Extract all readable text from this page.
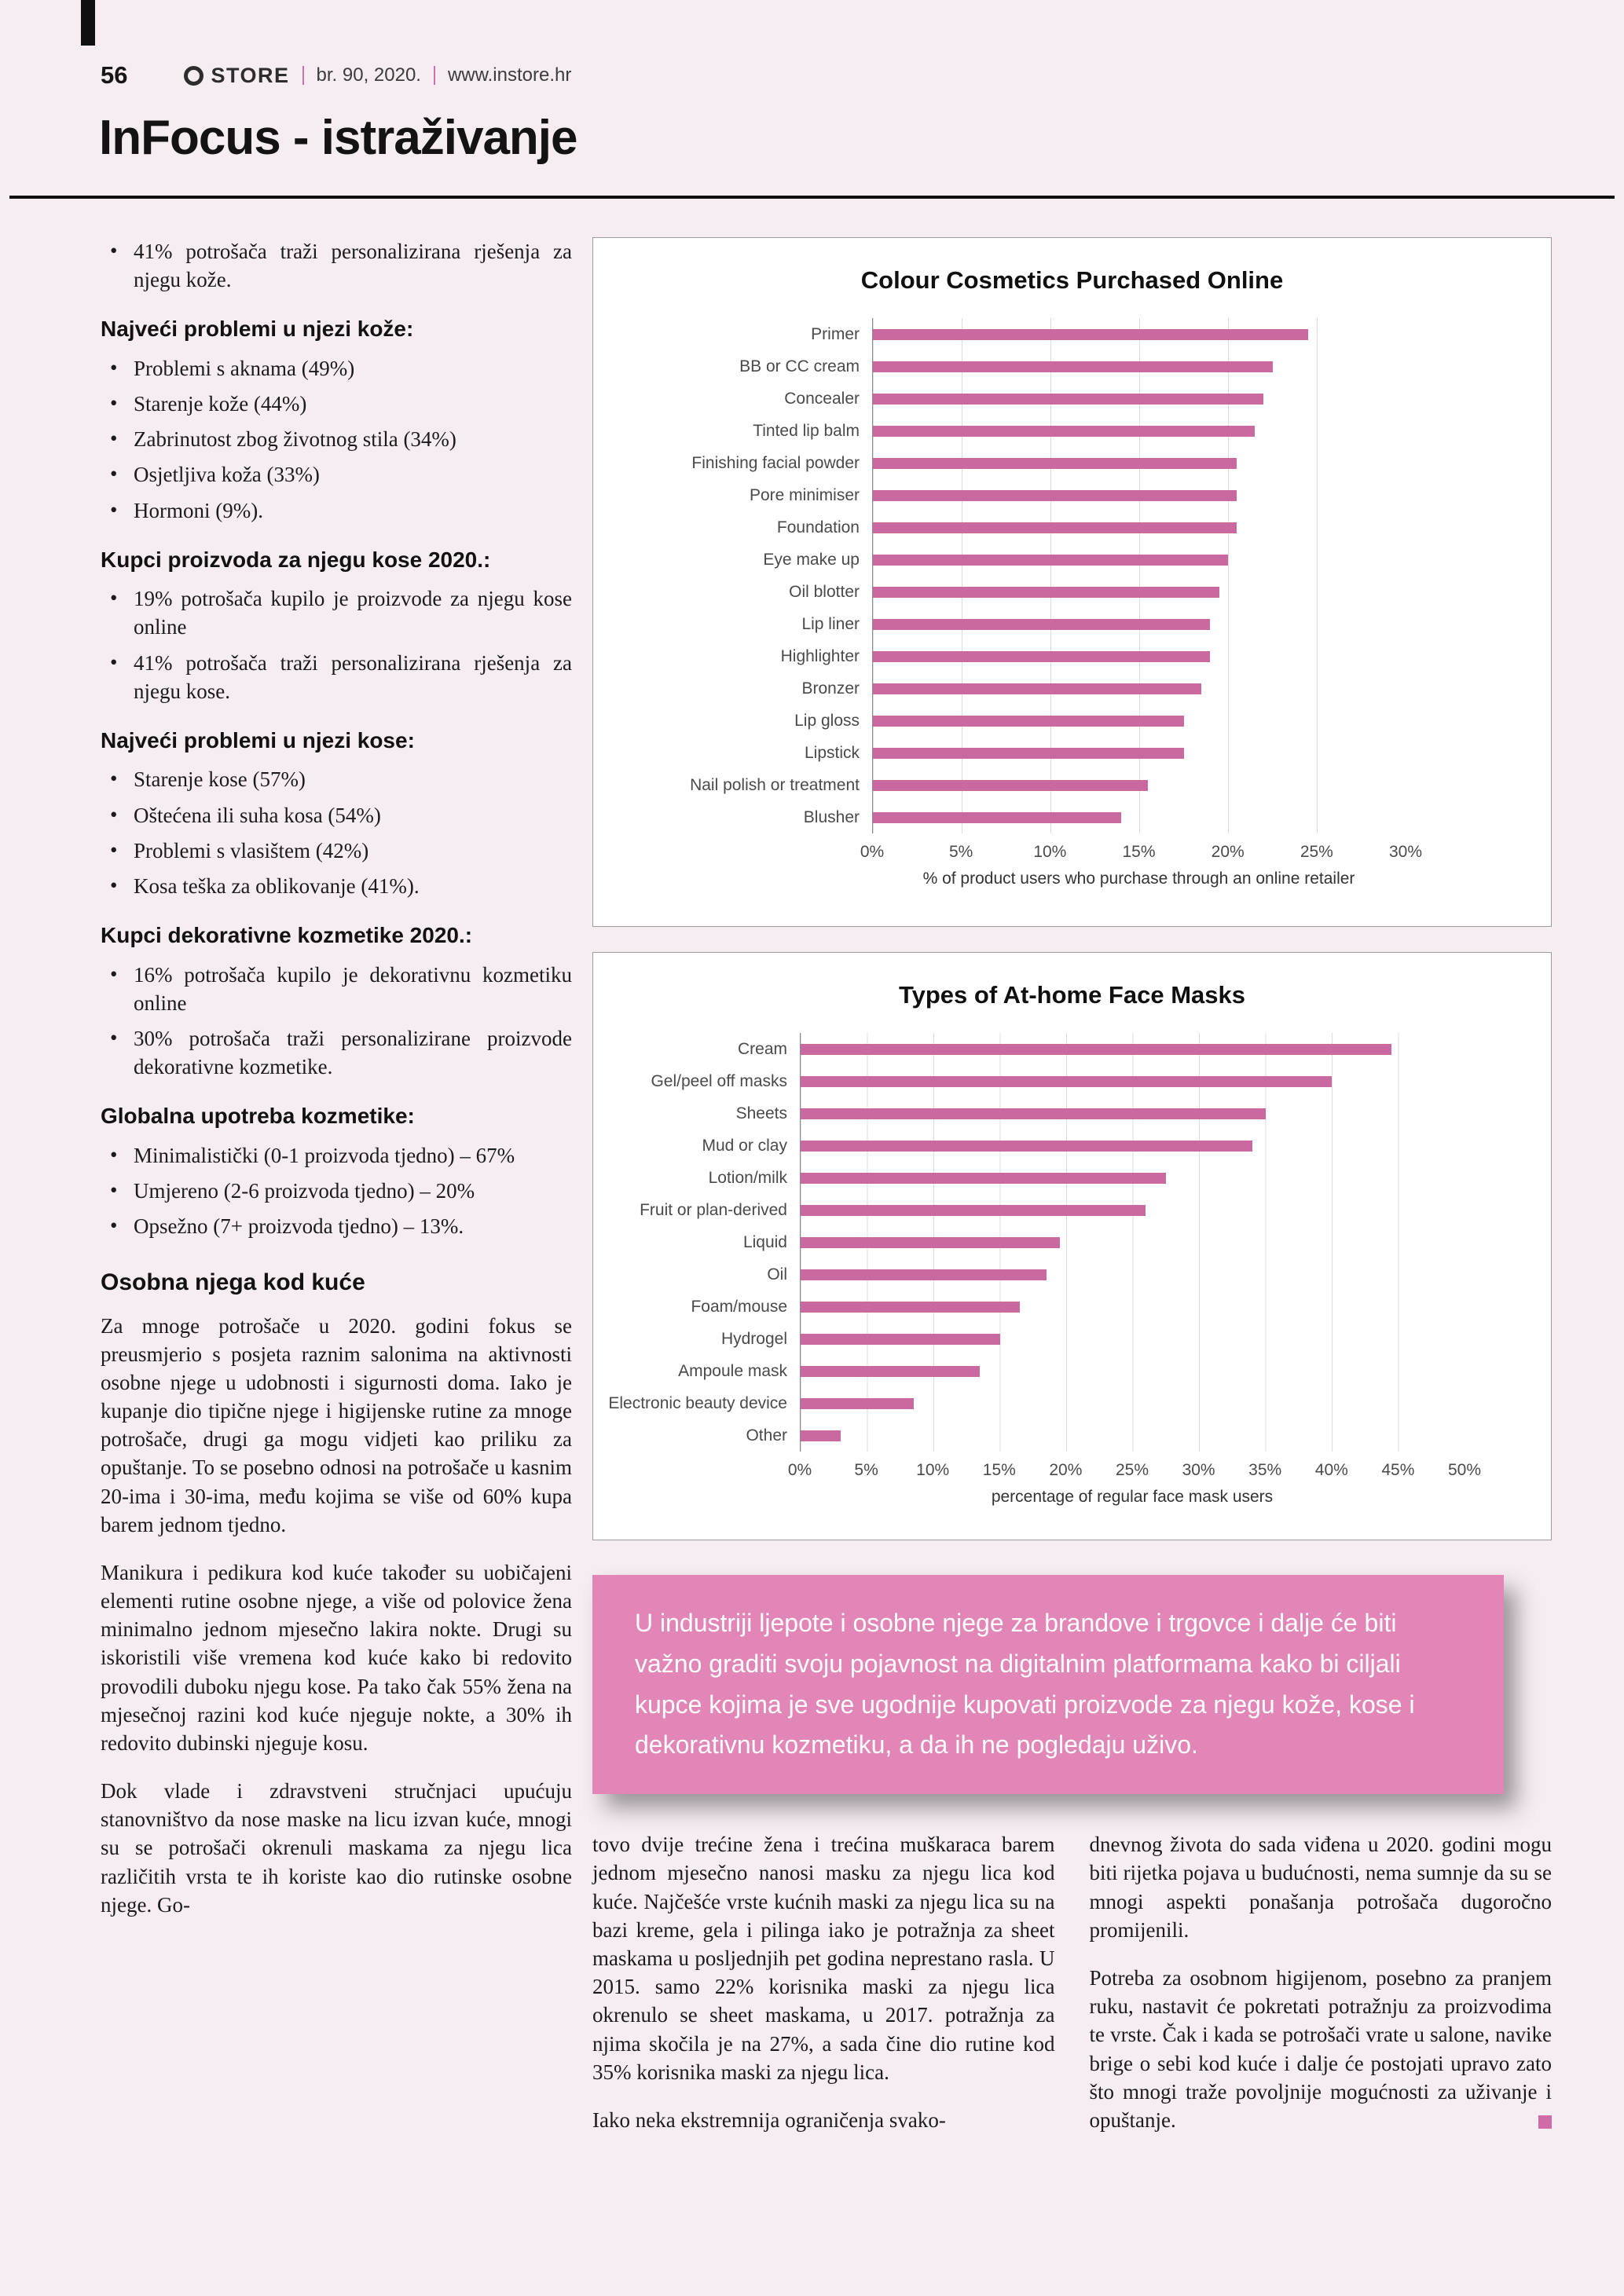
56	STORE br. 90, 2020. www.instore.hr
InFocus - istraživanje
• 41% potrošača traži personalizirana rješenja za njegu kože.
Najveći problemi u njezi kože:
• Problemi s aknama (49%)
• Starenje kože (44%)
• Zabrinutost zbog životnog stila (34%)
• Osjetljiva koža (33%)
• Hormoni (9%).
Kupci proizvoda za njegu kose 2020.:
• 19% potrošača kupilo je proizvode za njegu kose online
• 41% potrošača traži personalizirana rješenja za njegu kose.
Najveći problemi u njezi kose:
• Starenje kose (57%)
• Oštećena ili suha kosa (54%)
• Problemi s vlasištem (42%)
• Kosa teška za oblikovanje (41%).
Kupci dekorativne kozmetike 2020.:
• 16% potrošača kupilo je dekorativnu kozmetiku online
• 30% potrošača traži personalizirane proizvode dekorativne kozmetike.
Globalna upotreba kozmetike:
• Minimalistički (0-1 proizvoda tjedno) – 67%
• Umjereno (2-6 proizvoda tjedno) – 20%
• Opsežno (7+ proizvoda tjedno) – 13%.
Osobna njega kod kuće

Za mnoge potrošače u 2020. godini fokus se preusmjerio s posjeta raznim salonima na aktivnosti osobne njege u udobnosti i sigurnosti doma. Iako je kupanje dio tipične njege i higijenske rutine za mnoge potrošače, drugi ga mogu vidjeti kao priliku za opuštanje. To se posebno odnosi na potrošače u kasnim 20-ima i 30-ima, među kojima se više od 60% kupa barem jednom tjedno.

Manikura i pedikura kod kuće također su uobičajeni elementi rutine osobne njege, a više od polovice žena minimalno jednom mjesečno lakira nokte. Drugi su iskoristili više vremena kod kuće kako bi redovito provodili duboku njegu kose. Pa tako čak 55% žena na mjesečnoj razini kod kuće njeguje nokte, a 30% ih redovito dubinski njeguje kosu.

Dok vlade i zdravstveni stručnjaci upućuju stanovništvo da nose maske na licu izvan kuće, mnogi su se potrošači okrenuli maskama za njegu lica različitih vrsta te ih koriste kao dio rutinske osobne njege. Go-

Colour Cosmetics Purchased Online
Primer
BB or CC cream
Concealer
Tinted lip balm
Finishing facial powder
Pore minimiser
Foundation
Eye make up
Oil blotter
Lip liner
Highlighter
Bronzer
Lip gloss
Lipstick
Nail polish or treatment
Blusher
0%	5%	10%	15%	20%	25%	30%
% of product users who purchase through an online retailer
Types of At-home Face Masks
Cream
Gel/peel off masks
Sheets
Mud or clay
Lotion/milk
Fruit or plan-derived
Liquid
Oil
Foam/mouse
Hydrogel
Ampoule mask
Electronic beauty device
Other
0%	5% 10% 15% 20% 25% 30% 35% 40% 45% 50%
percentage of regular face mask users

U industriji ljepote i osobne njege za brandove i trgovce i dalje će biti važno graditi svoju pojavnost na digitalnim platformama kako bi ciljali kupce kojima je sve ugodnije kupovati proizvode za njegu kože, kose i dekorativnu kozmetiku, a da ih ne pogledaju uživo.

tovo dvije trećine žena i trećina muškaraca barem jednom mjesečno nanosi masku za njegu lica kod kuće. Najčešće vrste kućnih maski za njegu lica su na bazi kreme, gela i pilinga iako je potražnja za sheet maskama u posljednjih pet godina neprestano rasla. U 2015. samo 22% korisnika maski za njegu lica okrenulo se sheet maskama, u 2017. potražnja za njima skočila je na 27%, a sada čine dio rutine kod 35% korisnika maski za njegu lica.

Iako neka ekstremnija ograničenja svako-

dnevnog života do sada viđena u 2020. godini mogu biti rijetka pojava u budućnosti, nema sumnje da su se mnogi aspekti ponašanja potrošača dugoročno promijenili.

Potreba za osobnom higijenom, posebno za pranjem ruku, nastavit će pokretati potražnju za proizvodima te vrste. Čak i kada se potrošači vrate u salone, navike brige o sebi kod kuće i dalje će postojati upravo zato što mnogi traže povoljnije mogućnosti za uživanje i opuštanje.
